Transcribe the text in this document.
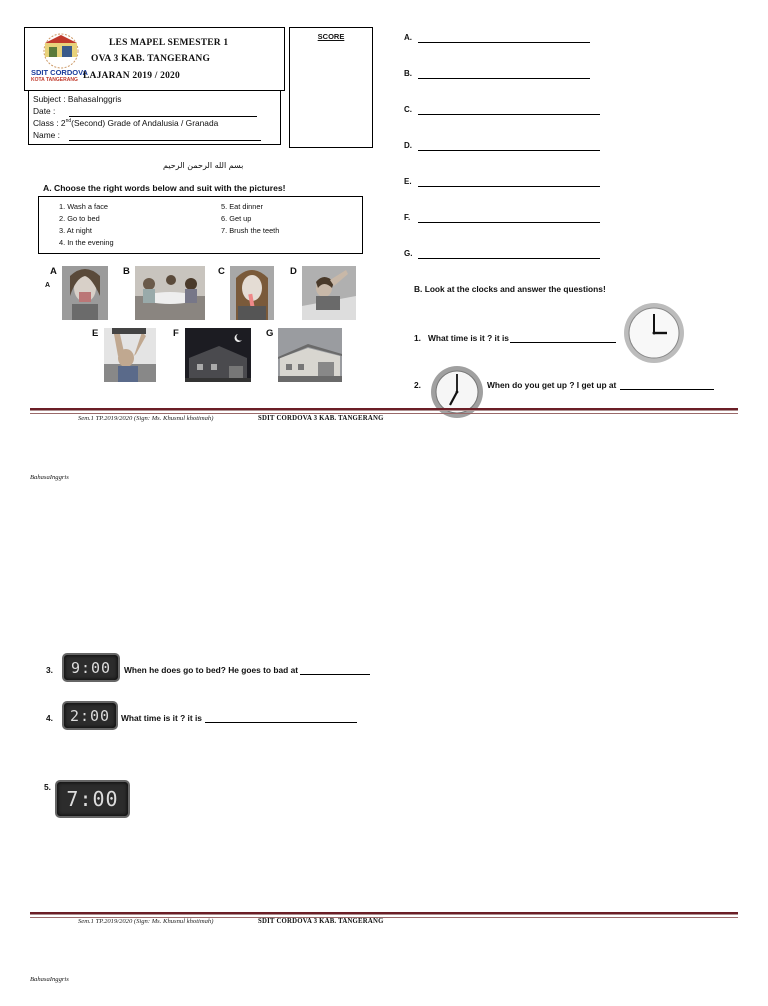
SDIT CORDOVA
KOTA TANGERANG
LES MAPEL SEMESTER 1
OVA 3 KAB. TANGERANG
LAJARAN 2019 / 2020
Subject : BahasaInggris
Date :
Class : 2nd(Second) Grade of Andalusia / Granada
Name :
SCORE	A.
B.
C.
D.
E.
F.
G.
بسم الله الرحمن الرحيم
A. Choose the right words below and suit with the pictures!
1. Wash a face
2. Go to bed
3. At night
4. In the evening
5. Eat dinner
6. Get up
7. Brush the teeth
A
A
B	C	D
E	F	G
B. Look at the clocks and answer the questions!
1. What time is it ? it is
2.	When do you get up ? I get up at
Sem.1 TP.2019/2020 (Sign: Ms. Khusnul khotimah)	SDIT CORDOVA 3 KAB. TANGERANG
BahasaInggris
3.	9:00	When he does go to bed? He goes to bad at
4.	2:00	What time is it ? it is
5. 7:00
Sem.1 TP.2019/2020 (Sign: Ms. Khusnul khotimah)	SDIT CORDOVA 3 KAB. TANGERANG
BahasaInggris
